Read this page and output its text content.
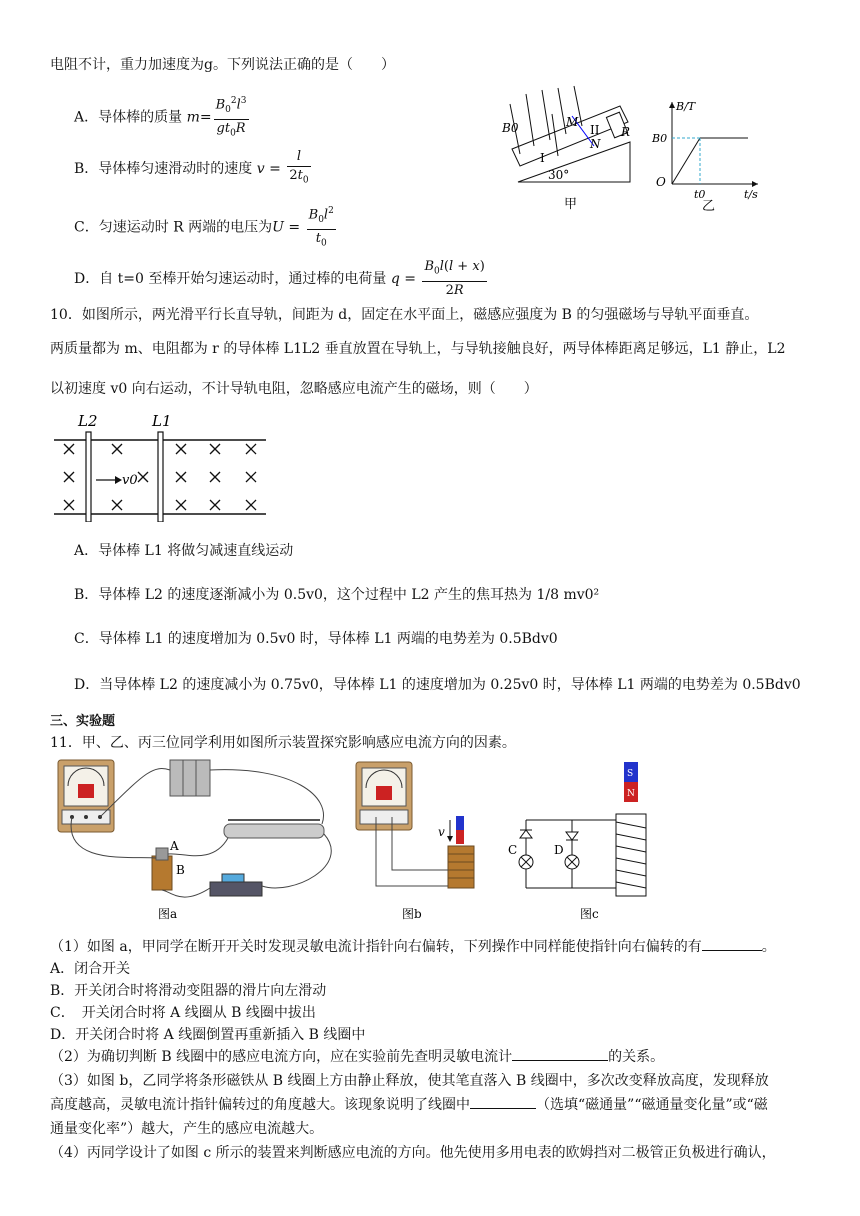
电阻不计，重力加速度为g。下列说法正确的是（　　）
A．导体棒的质量 $m= \frac{B_0^2l^3}{gt_0R}$
B．导体棒匀速滑动时的速度 $v = \frac{l}{2t_0}$
C．匀速运动时 R 两端的电压为$U = \frac{B_0l^2}{t_0}$
D．自 t=0 至棒开始匀速运动时，通过棒的电荷量 $q = \frac{B_0l(l + x)}{2R}$
B0	M
N
R
I
II
30°
甲
B/T
B0
O
t0	t/s
乙
10．如图所示，两光滑平行长直导轨，间距为 d，固定在水平面上，磁感应强度为 B 的匀强磁场与导轨平面垂直。
两质量都为 m、电阻都为 r 的导体棒 L1L2 垂直放置在导轨上，与导轨接触良好，两导体棒距离足够远，L1 静止，L2
以初速度 v0 向右运动，不计导轨电阻，忽略感应电流产生的磁场，则（　　）
L2	L1
v0
A．导体棒 L1 将做匀减速直线运动
B．导体棒 L2 的速度逐渐减小为 0.5v0，这个过程中 L2 产生的焦耳热为 1/8 mv0²
C．导体棒 L1 的速度增加为 0.5v0 时，导体棒 L1 两端的电势差为 0.5Bdv0
D．当导体棒 L2 的速度减小为 0.75v0，导体棒 L1 的速度增加为 0.25v0 时，导体棒 L1 两端的电势差为 0.5Bdv0
三、实验题
11．甲、乙、丙三位同学利用如图所示装置探究影响感应电流方向的因素。
A
B
图a
v
图b
S
N
C	D
图c
（1）如图 a，甲同学在断开开关时发现灵敏电流计指针向右偏转，下列操作中同样能使指针向右偏转的有	。
A．闭合开关
B．开关闭合时将滑动变阻器的滑片向左滑动
C．　开关闭合时将 A 线圈从 B 线圈中拔出
D．开关闭合时将 A 线圈倒置再重新插入 B 线圈中
（2）为确切判断 B 线圈中的感应电流方向，应在实验前先查明灵敏电流计	的关系。
（3）如图 b，乙同学将条形磁铁从 B 线圈上方由静止释放，使其笔直落入 B 线圈中，多次改变释放高度，发现释放
高度越高，灵敏电流计指针偏转过的角度越大。该现象说明了线圈中	（选填“磁通量”“磁通量变化量”或“磁
通量变化率”）越大，产生的感应电流越大。
（4）丙同学设计了如图 c 所示的装置来判断感应电流的方向。他先使用多用电表的欧姆挡对二极管正负极进行确认，
